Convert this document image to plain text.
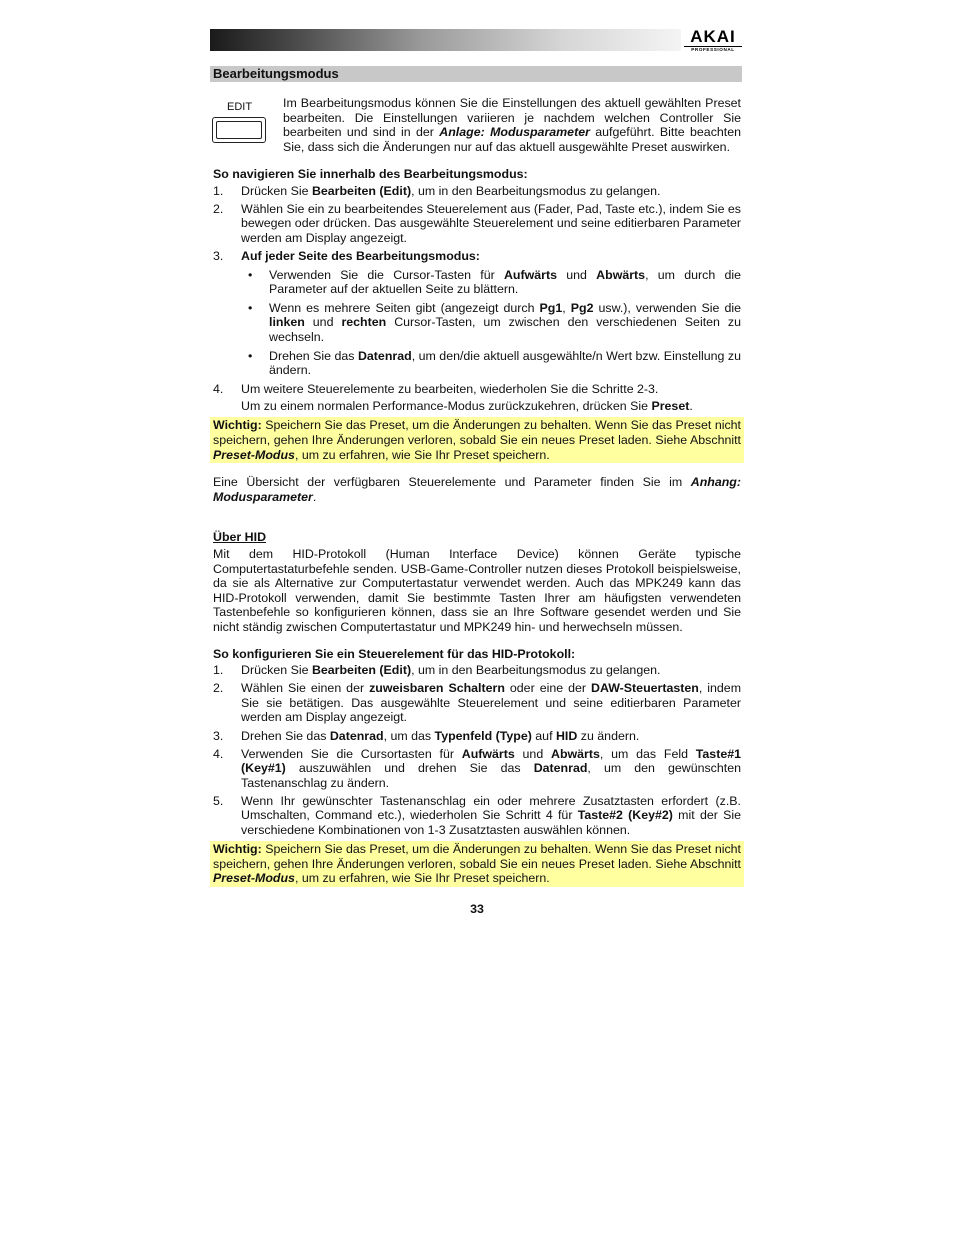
AKAI
PROFESSIONAL
Bearbeitungsmodus
EDIT Im Bearbeitungsmodus können Sie die Einstellungen des aktuell gewählten Preset bearbeiten. Die Einstellungen variieren je nachdem welchen Controller Sie bearbeiten und sind in der Anlage: Modusparameter aufgeführt. Bitte beachten Sie, dass sich die Änderungen nur auf das aktuell ausgewählte Preset auswirken.

So navigieren Sie innerhalb des Bearbeitungsmodus:

1. Drücken Sie Bearbeiten (Edit), um in den Bearbeitungsmodus zu gelangen.
2. Wählen Sie ein zu bearbeitendes Steuerelement aus (Fader, Pad, Taste etc.), indem Sie es bewegen oder drücken. Das ausgewählte Steuerelement und seine editierbaren Parameter werden am Display angezeigt.
3. Auf jeder Seite des Bearbeitungsmodus:
• Verwenden Sie die Cursor-Tasten für Aufwärts und Abwärts, um durch die Parameter auf der aktuellen Seite zu blättern.
• Wenn es mehrere Seiten gibt (angezeigt durch Pg1, Pg2 usw.), verwenden Sie die linken und rechten Cursor-Tasten, um zwischen den verschiedenen Seiten zu wechseln.
• Drehen Sie das Datenrad, um den/die aktuell ausgewählte/n Wert bzw. Einstellung zu ändern.
4. Um weitere Steuerelemente zu bearbeiten, wiederholen Sie die Schritte 2-3.
Um zu einem normalen Performance-Modus zurückzukehren, drücken Sie Preset.

Wichtig: Speichern Sie das Preset, um die Änderungen zu behalten. Wenn Sie das Preset nicht speichern, gehen Ihre Änderungen verloren, sobald Sie ein neues Preset laden. Siehe Abschnitt Preset-Modus, um zu erfahren, wie Sie Ihr Preset speichern.

Eine Übersicht der verfügbaren Steuerelemente und Parameter finden Sie im Anhang: Modusparameter.

Über HID

Mit dem HID-Protokoll (Human Interface Device) können Geräte typische Computertastaturbefehle senden. USB-Game-Controller nutzen dieses Protokoll beispielsweise, da sie als Alternative zur Computertastatur verwendet werden. Auch das MPK249 kann das HID-Protokoll verwenden, damit Sie bestimmte Tasten Ihrer am häufigsten verwendeten Tastenbefehle so konfigurieren können, dass sie an Ihre Software gesendet werden und Sie nicht ständig zwischen Computertastatur und MPK249 hin- und herwechseln müssen.

So konfigurieren Sie ein Steuerelement für das HID-Protokoll:

1. Drücken Sie Bearbeiten (Edit), um in den Bearbeitungsmodus zu gelangen.
2. Wählen Sie einen der zuweisbaren Schaltern oder eine der DAW-Steuertasten, indem Sie sie betätigen. Das ausgewählte Steuerelement und seine editierbaren Parameter werden am Display angezeigt.
3. Drehen Sie das Datenrad, um das Typenfeld (Type) auf HID zu ändern.
4. Verwenden Sie die Cursortasten für Aufwärts und Abwärts, um das Feld Taste#1 (Key#1) auszuwählen und drehen Sie das Datenrad, um den gewünschten Tastenanschlag zu ändern.
5. Wenn Ihr gewünschter Tastenanschlag ein oder mehrere Zusatztasten erfordert (z.B. Umschalten, Command etc.), wiederholen Sie Schritt 4 für Taste#2 (Key#2) mit der Sie verschiedene Kombinationen von 1-3 Zusatztasten auswählen können.

Wichtig: Speichern Sie das Preset, um die Änderungen zu behalten. Wenn Sie das Preset nicht speichern, gehen Ihre Änderungen verloren, sobald Sie ein neues Preset laden. Siehe Abschnitt Preset-Modus, um zu erfahren, wie Sie Ihr Preset speichern.

33
